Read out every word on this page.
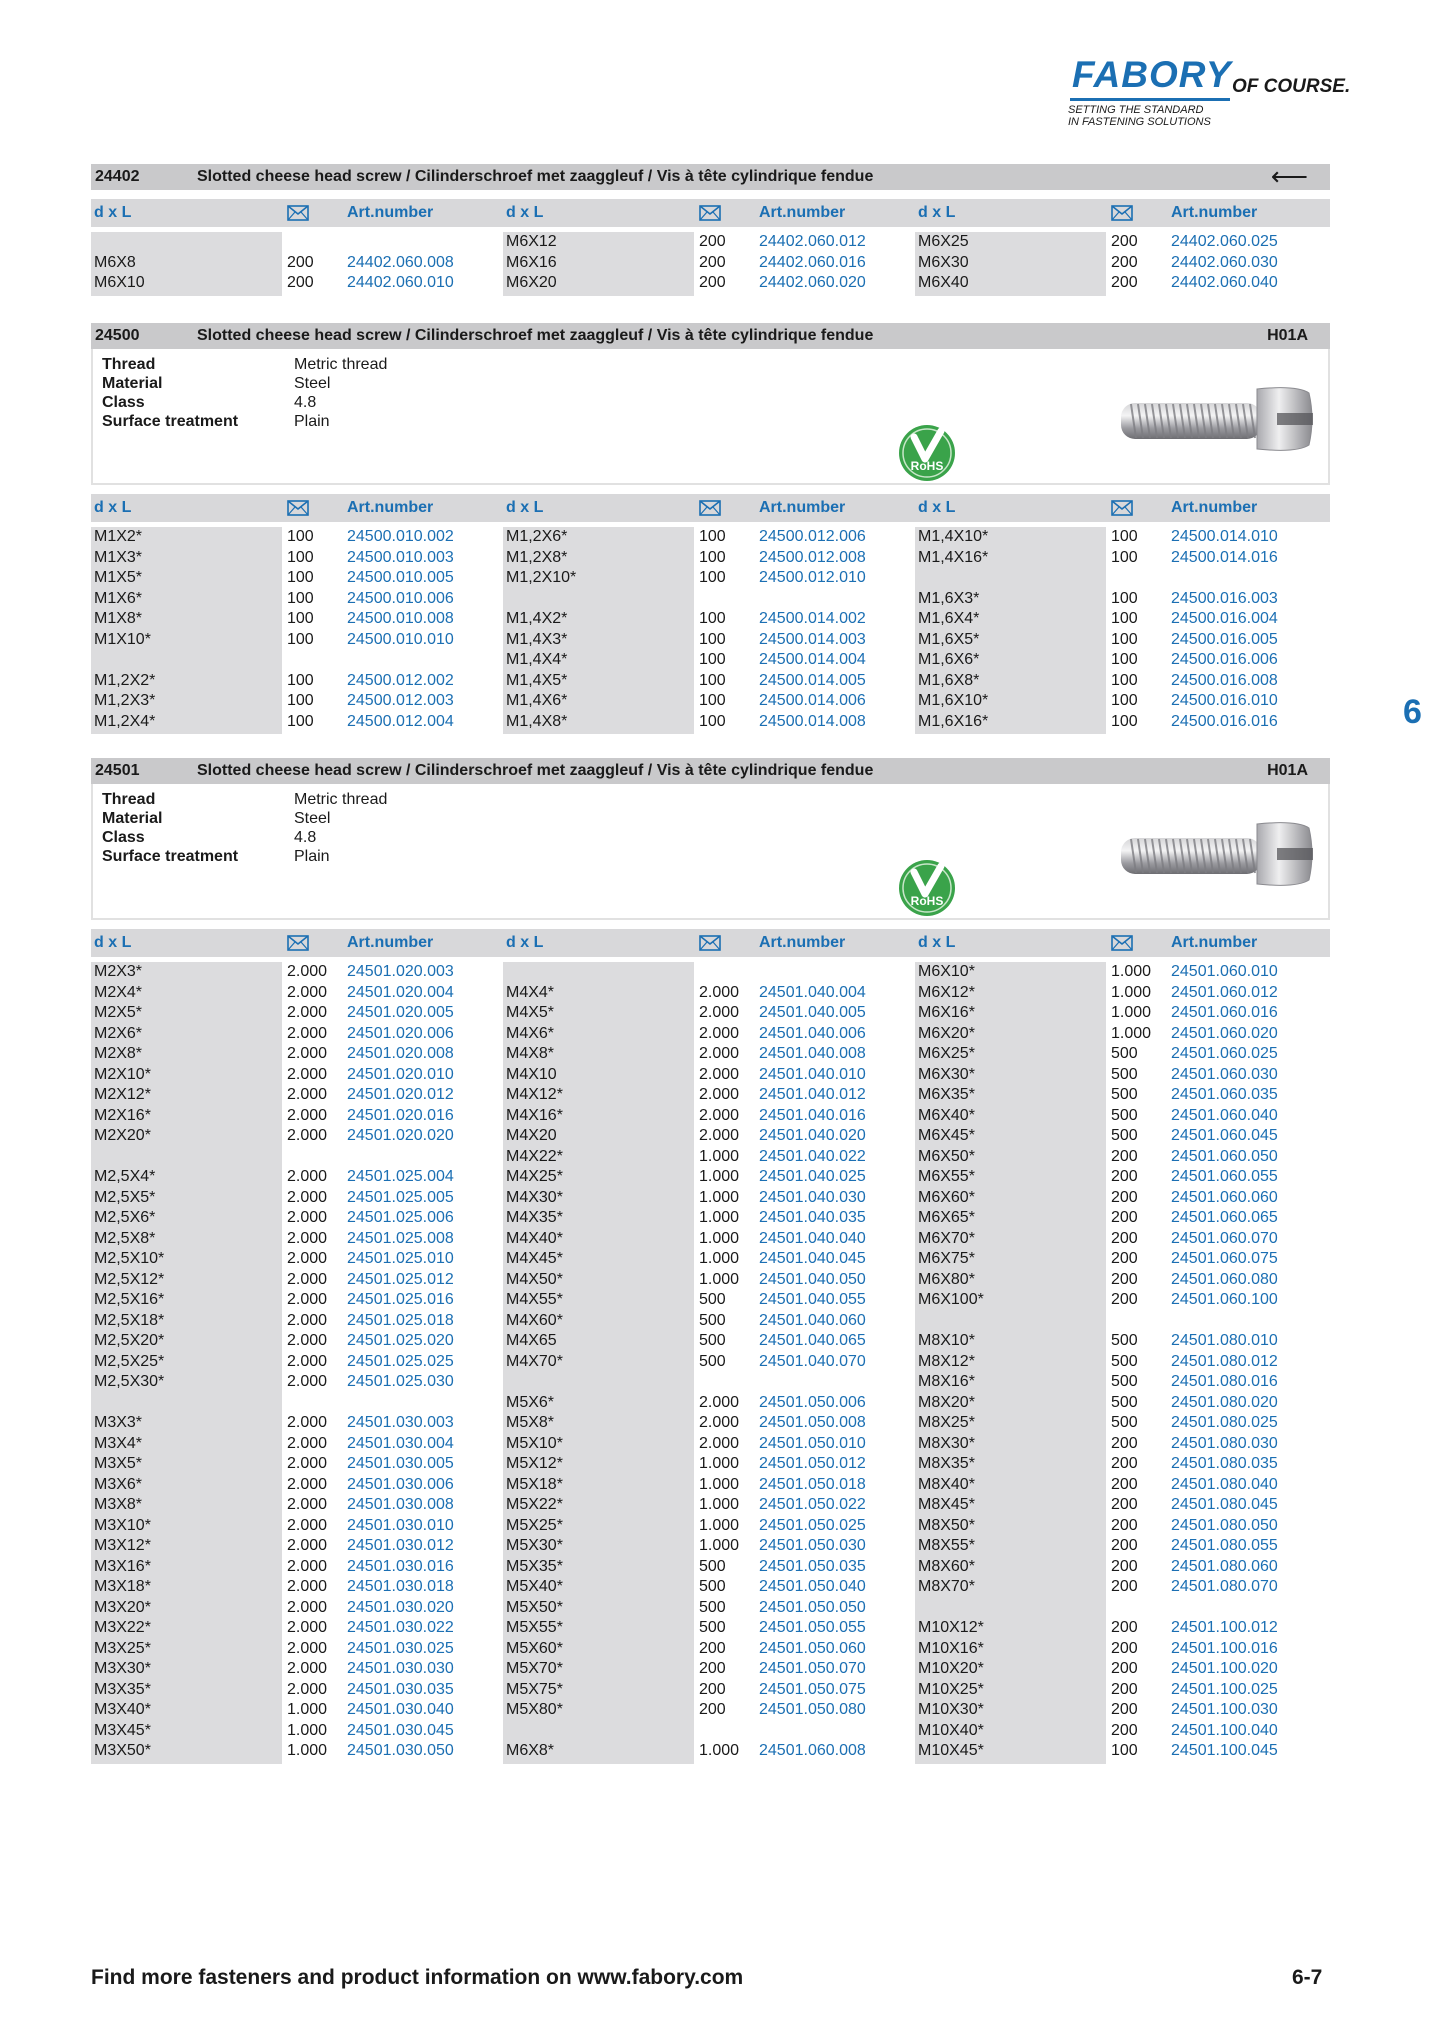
FABORY OF COURSE.
SETTING THE STANDARD
IN FASTENING SOLUTIONS
24402	Slotted cheese head screw / Cilinderschroef met zaaggleuf / Vis à tête cylindrique fendue	⟵
d x L	Art.number	d x L	Art.number	d x L	Art.number
M6X8	200 24402.060.008
M6X10	200 24402.060.010
M6X12	200 24402.060.012
M6X16	200 24402.060.016
M6X20	200 24402.060.020
M6X25	200 24402.060.025
M6X30	200 24402.060.030
M6X40	200 24402.060.040
24500	Slotted cheese head screw / Cilinderschroef met zaaggleuf / Vis à tête cylindrique fendue	H01A
Thread	Metric thread
Material	Steel
Class	4.8
Surface treatment	Plain
RoHS
d x L	Art.number	d x L	Art.number	d x L	Art.number
M1X2*	100 24500.010.002
M1X3*	100 24500.010.003
M1X5*	100 24500.010.005
M1X6*	100 24500.010.006
M1X8*	100 24500.010.008
M1X10*	100 24500.010.010
M1,2X2*	100 24500.012.002
M1,2X3*	100 24500.012.003
M1,2X4*	100 24500.012.004
M1,2X6*	100 24500.012.006
M1,2X8*	100 24500.012.008
M1,2X10*	100 24500.012.010
M1,4X2*	100 24500.014.002
M1,4X3*	100 24500.014.003
M1,4X4*	100 24500.014.004
M1,4X5*	100 24500.014.005
M1,4X6*	100 24500.014.006
M1,4X8*	100 24500.014.008
M1,4X10*	100 24500.014.010
M1,4X16*	100 24500.014.016
M1,6X3*	100 24500.016.003
M1,6X4*	100 24500.016.004
M1,6X5*	100 24500.016.005
M1,6X6*	100 24500.016.006
M1,6X8*	100 24500.016.008
M1,6X10*	100 24500.016.010
M1,6X16*	100 24500.016.016
24501	Slotted cheese head screw / Cilinderschroef met zaaggleuf / Vis à tête cylindrique fendue	H01A
Thread	Metric thread
Material	Steel
Class	4.8
Surface treatment	Plain
RoHS
d x L	Art.number	d x L	Art.number	d x L	Art.number
M2X3*	2.000 24501.020.003
M2X4*	2.000 24501.020.004
M2X5*	2.000 24501.020.005
M2X6*	2.000 24501.020.006
M2X8*	2.000 24501.020.008
M2X10*	2.000 24501.020.010
M2X12*	2.000 24501.020.012
M2X16*	2.000 24501.020.016
M2X20*	2.000 24501.020.020
M2,5X4*	2.000 24501.025.004
M2,5X5*	2.000 24501.025.005
M2,5X6*	2.000 24501.025.006
M2,5X8*	2.000 24501.025.008
M2,5X10*	2.000 24501.025.010
M2,5X12*	2.000 24501.025.012
M2,5X16*	2.000 24501.025.016
M2,5X18*	2.000 24501.025.018
M2,5X20*	2.000 24501.025.020
M2,5X25*	2.000 24501.025.025
M2,5X30*	2.000 24501.025.030
M3X3*	2.000 24501.030.003
M3X4*	2.000 24501.030.004
M3X5*	2.000 24501.030.005
M3X6*	2.000 24501.030.006
M3X8*	2.000 24501.030.008
M3X10*	2.000 24501.030.010
M3X12*	2.000 24501.030.012
M3X16*	2.000 24501.030.016
M3X18*	2.000 24501.030.018
M3X20*	2.000 24501.030.020
M3X22*	2.000 24501.030.022
M3X25*	2.000 24501.030.025
M3X30*	2.000 24501.030.030
M3X35*	2.000 24501.030.035
M3X40*	1.000 24501.030.040
M3X45*	1.000 24501.030.045
M3X50*	1.000 24501.030.050
M4X4*	2.000 24501.040.004
M4X5*	2.000 24501.040.005
M4X6*	2.000 24501.040.006
M4X8*	2.000 24501.040.008
M4X10	2.000 24501.040.010
M4X12*	2.000 24501.040.012
M4X16*	2.000 24501.040.016
M4X20	2.000 24501.040.020
M4X22*	1.000 24501.040.022
M4X25*	1.000 24501.040.025
M4X30*	1.000 24501.040.030
M4X35*	1.000 24501.040.035
M4X40*	1.000 24501.040.040
M4X45*	1.000 24501.040.045
M4X50*	1.000 24501.040.050
M4X55*	500 24501.040.055
M4X60*	500 24501.040.060
M4X65	500 24501.040.065
M4X70*	500 24501.040.070
M5X6*	2.000 24501.050.006
M5X8*	2.000 24501.050.008
M5X10*	2.000 24501.050.010
M5X12*	1.000 24501.050.012
M5X18*	1.000 24501.050.018
M5X22*	1.000 24501.050.022
M5X25*	1.000 24501.050.025
M5X30*	1.000 24501.050.030
M5X35*	500 24501.050.035
M5X40*	500 24501.050.040
M5X50*	500 24501.050.050
M5X55*	500 24501.050.055
M5X60*	200 24501.050.060
M5X70*	200 24501.050.070
M5X75*	200 24501.050.075
M5X80*	200 24501.050.080
M6X8*	1.000 24501.060.008
M6X10*	1.000 24501.060.010
M6X12*	1.000 24501.060.012
M6X16*	1.000 24501.060.016
M6X20*	1.000 24501.060.020
M6X25*	500 24501.060.025
M6X30*	500 24501.060.030
M6X35*	500 24501.060.035
M6X40*	500 24501.060.040
M6X45*	500 24501.060.045
M6X50*	200 24501.060.050
M6X55*	200 24501.060.055
M6X60*	200 24501.060.060
M6X65*	200 24501.060.065
M6X70*	200 24501.060.070
M6X75*	200 24501.060.075
M6X80*	200 24501.060.080
M6X100*	200 24501.060.100
M8X10*	500 24501.080.010
M8X12*	500 24501.080.012
M8X16*	500 24501.080.016
M8X20*	500 24501.080.020
M8X25*	500 24501.080.025
M8X30*	200 24501.080.030
M8X35*	200 24501.080.035
M8X40*	200 24501.080.040
M8X45*	200 24501.080.045
M8X50*	200 24501.080.050
M8X55*	200 24501.080.055
M8X60*	200 24501.080.060
M8X70*	200 24501.080.070
M10X12*	200 24501.100.012
M10X16*	200 24501.100.016
M10X20*	200 24501.100.020
M10X25*	200 24501.100.025
M10X30*	200 24501.100.030
M10X40*	200 24501.100.040
M10X45*	100 24501.100.045
6
Find more fasteners and product information on www.fabory.com	6-7
